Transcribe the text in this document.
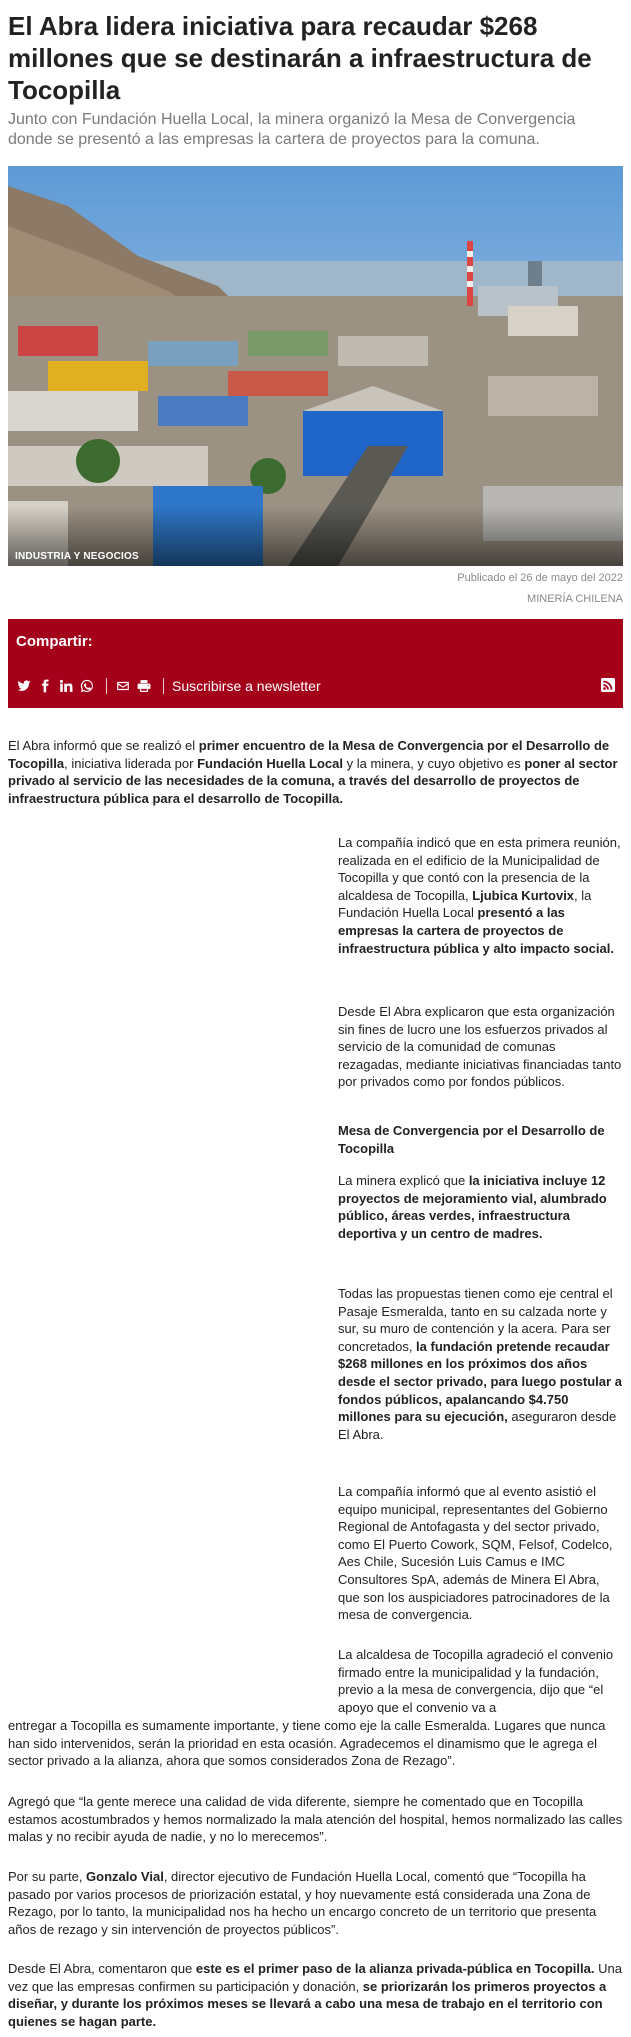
El Abra lidera iniciativa para recaudar $268 millones que se destinarán a infraestructura de Tocopilla

Junto con Fundación Huella Local, la minera organizó la Mesa de Convergencia donde se presentó a las empresas la cartera de proyectos para la comuna.

INDUSTRIA Y NEGOCIOS
Publicado el 26 de mayo del 2022
MINERÍA CHILENA
Compartir:
Suscribirse a newsletter

El Abra informó que se realizó el primer encuentro de la Mesa de Convergencia por el Desarrollo de Tocopilla, iniciativa liderada por Fundación Huella Local y la minera, y cuyo objetivo es poner al sector privado al servicio de las necesidades de la comuna, a través del desarrollo de proyectos de infraestructura pública para el desarrollo de Tocopilla.

La compañía indicó que en esta primera reunión, realizada en el edificio de la Municipalidad de Tocopilla y que contó con la presencia de la alcaldesa de Tocopilla, Ljubica Kurtovix, la Fundación Huella Local presentó a las empresas la cartera de proyectos de infraestructura pública y alto impacto social.

Desde El Abra explicaron que esta organización sin fines de lucro une los esfuerzos privados al servicio de la comunidad de comunas rezagadas, mediante iniciativas financiadas tanto por privados como por fondos públicos.

Mesa de Convergencia por el Desarrollo de Tocopilla

La minera explicó que la iniciativa incluye 12 proyectos de mejoramiento vial, alumbrado público, áreas verdes, infraestructura deportiva y un centro de madres.

Todas las propuestas tienen como eje central el Pasaje Esmeralda, tanto en su calzada norte y sur, su muro de contención y la acera. Para ser concretados, la fundación pretende recaudar $268 millones en los próximos dos años desde el sector privado, para luego postular a fondos públicos, apalancando $4.750 millones para su ejecución, aseguraron desde El Abra.

La compañía informó que al evento asistió el equipo municipal, representantes del Gobierno Regional de Antofagasta y del sector privado, como El Puerto Cowork, SQM, Felsof, Codelco, Aes Chile, Sucesión Luis Camus e IMC Consultores SpA, además de Minera El Abra, que son los auspiciadores patrocinadores de la mesa de convergencia.

La alcaldesa de Tocopilla agradeció el convenio firmado entre la municipalidad y la fundación, previo a la mesa de convergencia, dijo que “el apoyo que el convenio va a

entregar a Tocopilla es sumamente importante, y tiene como eje la calle Esmeralda. Lugares que nunca han sido intervenidos, serán la prioridad en esta ocasión. Agradecemos el dinamismo que le agrega el sector privado a la alianza, ahora que somos considerados Zona de Rezago”.

Agregó que “la gente merece una calidad de vida diferente, siempre he comentado que en Tocopilla estamos acostumbrados y hemos normalizado la mala atención del hospital, hemos normalizado las calles malas y no recibir ayuda de nadie, y no lo merecemos”.

Por su parte, Gonzalo Vial, director ejecutivo de Fundación Huella Local, comentó que “Tocopilla ha pasado por varios procesos de priorización estatal, y hoy nuevamente está considerada una Zona de Rezago, por lo tanto, la municipalidad nos ha hecho un encargo concreto de un territorio que presenta años de rezago y sin intervención de proyectos públicos”.

Desde El Abra, comentaron que este es el primer paso de la alianza privada-pública en Tocopilla. Una vez que las empresas confirmen su participación y donación, se priorizarán los primeros proyectos a diseñar, y durante los próximos meses se llevará a cabo una mesa de trabajo en el territorio con quienes se hagan parte.
